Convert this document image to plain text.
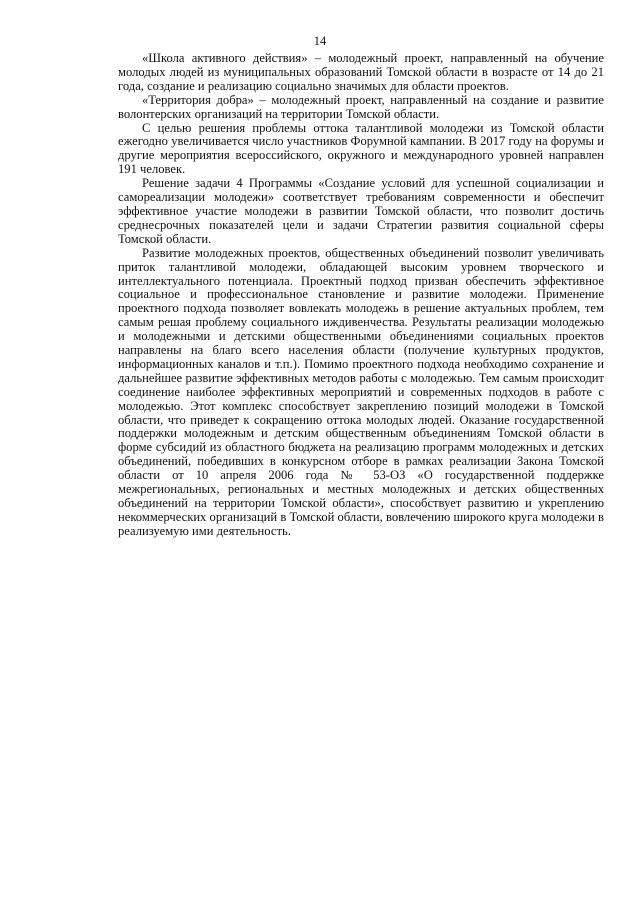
14

«Школа активного действия» – молодежный проект, направленный на обучение молодых людей из муниципальных образований Томской области в возрасте от 14 до 21 года, создание и реализацию социально значимых для области проектов.

«Территория добра» – молодежный проект, направленный на создание и развитие волонтерских организаций на территории Томской области.

С целью решения проблемы оттока талантливой молодежи из Томской области ежегодно увеличивается число участников Форумной кампании. В 2017 году на форумы и другие мероприятия всероссийского, окружного и международного уровней направлен 191 человек.

Решение задачи 4 Программы «Создание условий для успешной социализации и самореализации молодежи» соответствует требованиям современности и обеспечит эффективное участие молодежи в развитии Томской области, что позволит достичь среднесрочных показателей цели и задачи Стратегии развития социальной сферы Томской области.

Развитие молодежных проектов, общественных объединений позволит увеличивать приток талантливой молодежи, обладающей высоким уровнем творческого и интеллектуального потенциала. Проектный подход призван обеспечить эффективное социальное и профессиональное становление и развитие молодежи. Применение проектного подхода позволяет вовлекать молодежь в решение актуальных проблем, тем самым решая проблему социального иждивенчества. Результаты реализации молодежью и молодежными и детскими общественными объединениями социальных проектов направлены на благо всего населения области (получение культурных продуктов, информационных каналов и т.п.). Помимо проектного подхода необходимо сохранение и дальнейшее развитие эффективных методов работы с молодежью. Тем самым происходит соединение наиболее эффективных мероприятий и современных подходов в работе с молодежью. Этот комплекс способствует закреплению позиций молодежи в Томской области, что приведет к сокращению оттока молодых людей. Оказание государственной поддержки молодежным и детским общественным объединениям Томской области в форме субсидий из областного бюджета на реализацию программ молодежных и детских объединений, победивших в конкурсном отборе в рамках реализации Закона Томской области от 10 апреля 2006 года № 53-ОЗ «О государственной поддержке межрегиональных, региональных и местных молодежных и детских общественных объединений на территории Томской области», способствует развитию и укреплению некоммерческих организаций в Томской области, вовлечению широкого круга молодежи в реализуемую ими деятельность.
